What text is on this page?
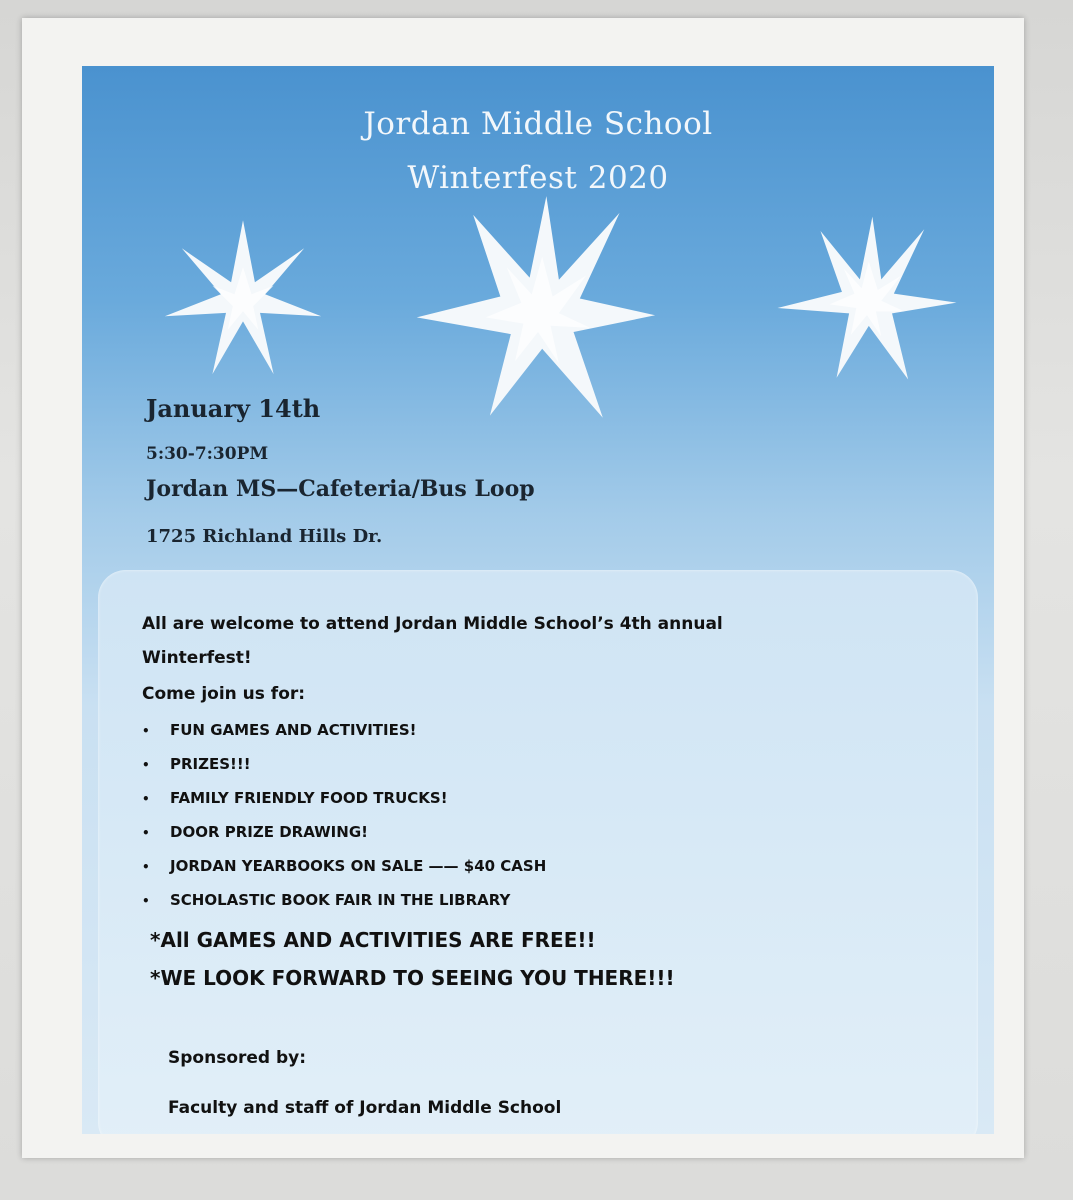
Jordan Middle School
Winterfest 2020
January 14th
5:30-7:30PM
Jordan MS—Cafeteria/Bus Loop
1725 Richland Hills Dr.
All are welcome to attend Jordan Middle School’s 4th annual
Winterfest!
Come join us for:
• FUN GAMES AND ACTIVITIES!
• PRIZES!!!
• FAMILY FRIENDLY FOOD TRUCKS!
• DOOR PRIZE DRAWING!
• JORDAN YEARBOOKS ON SALE —— $40 CASH
• SCHOLASTIC BOOK FAIR IN THE LIBRARY
*All GAMES AND ACTIVITIES ARE FREE!!
*WE LOOK FORWARD TO SEEING YOU THERE!!!
Sponsored by:
Faculty and staff of Jordan Middle School
